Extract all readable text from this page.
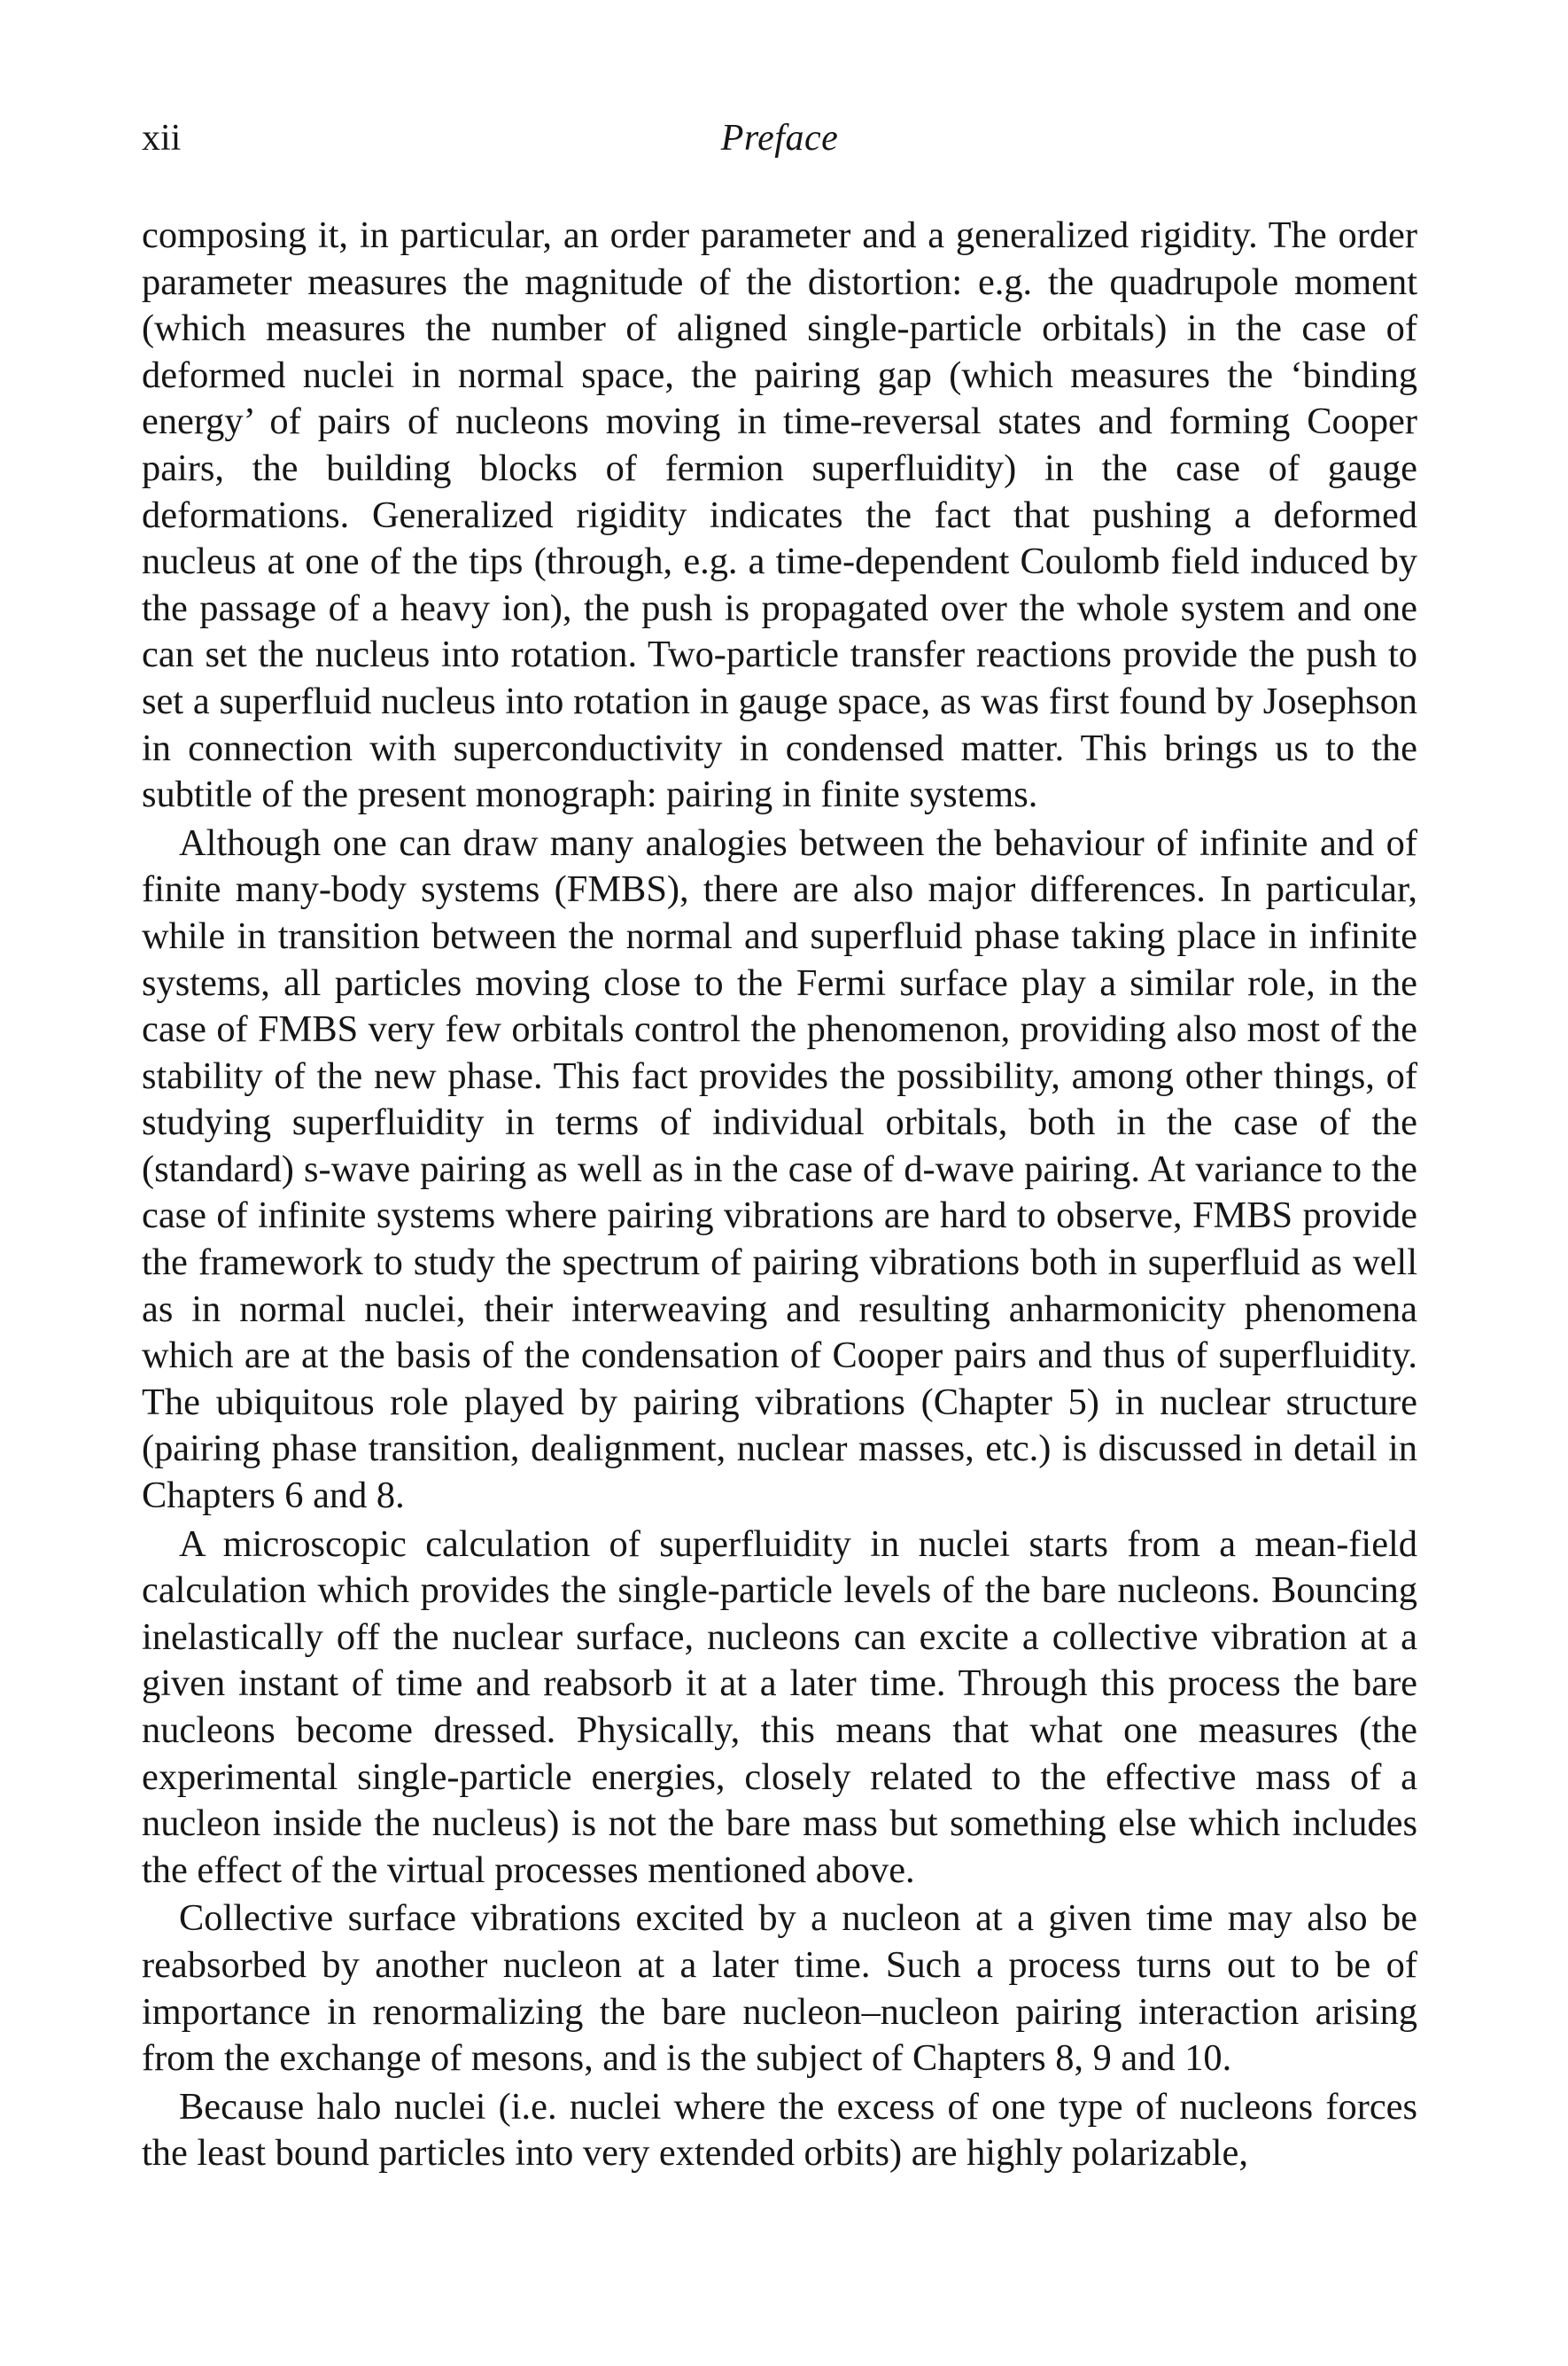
xii	Preface

composing it, in particular, an order parameter and a generalized rigidity. The order parameter measures the magnitude of the distortion: e.g. the quadrupole moment (which measures the number of aligned single-particle orbitals) in the case of deformed nuclei in normal space, the pairing gap (which measures the ‘binding energy’ of pairs of nucleons moving in time-reversal states and forming Cooper pairs, the building blocks of fermion superfluidity) in the case of gauge deformations. Generalized rigidity indicates the fact that pushing a deformed nucleus at one of the tips (through, e.g. a time-dependent Coulomb field induced by the passage of a heavy ion), the push is propagated over the whole system and one can set the nucleus into rotation. Two-particle transfer reactions provide the push to set a superfluid nucleus into rotation in gauge space, as was first found by Josephson in connection with superconductivity in condensed matter. This brings us to the subtitle of the present monograph: pairing in finite systems.

Although one can draw many analogies between the behaviour of infinite and of finite many-body systems (FMBS), there are also major differences. In particular, while in transition between the normal and superfluid phase taking place in infinite systems, all particles moving close to the Fermi surface play a similar role, in the case of FMBS very few orbitals control the phenomenon, providing also most of the stability of the new phase. This fact provides the possibility, among other things, of studying superfluidity in terms of individual orbitals, both in the case of the (standard) s-wave pairing as well as in the case of d-wave pairing. At variance to the case of infinite systems where pairing vibrations are hard to observe, FMBS provide the framework to study the spectrum of pairing vibrations both in superfluid as well as in normal nuclei, their interweaving and resulting anharmonicity phenomena which are at the basis of the condensation of Cooper pairs and thus of superfluidity. The ubiquitous role played by pairing vibrations (Chapter 5) in nuclear structure (pairing phase transition, dealignment, nuclear masses, etc.) is discussed in detail in Chapters 6 and 8.

A microscopic calculation of superfluidity in nuclei starts from a mean-field calculation which provides the single-particle levels of the bare nucleons. Bouncing inelastically off the nuclear surface, nucleons can excite a collective vibration at a given instant of time and reabsorb it at a later time. Through this process the bare nucleons become dressed. Physically, this means that what one measures (the experimental single-particle energies, closely related to the effective mass of a nucleon inside the nucleus) is not the bare mass but something else which includes the effect of the virtual processes mentioned above.

Collective surface vibrations excited by a nucleon at a given time may also be reabsorbed by another nucleon at a later time. Such a process turns out to be of importance in renormalizing the bare nucleon–nucleon pairing interaction arising from the exchange of mesons, and is the subject of Chapters 8, 9 and 10.

Because halo nuclei (i.e. nuclei where the excess of one type of nucleons forces the least bound particles into very extended orbits) are highly polarizable,
